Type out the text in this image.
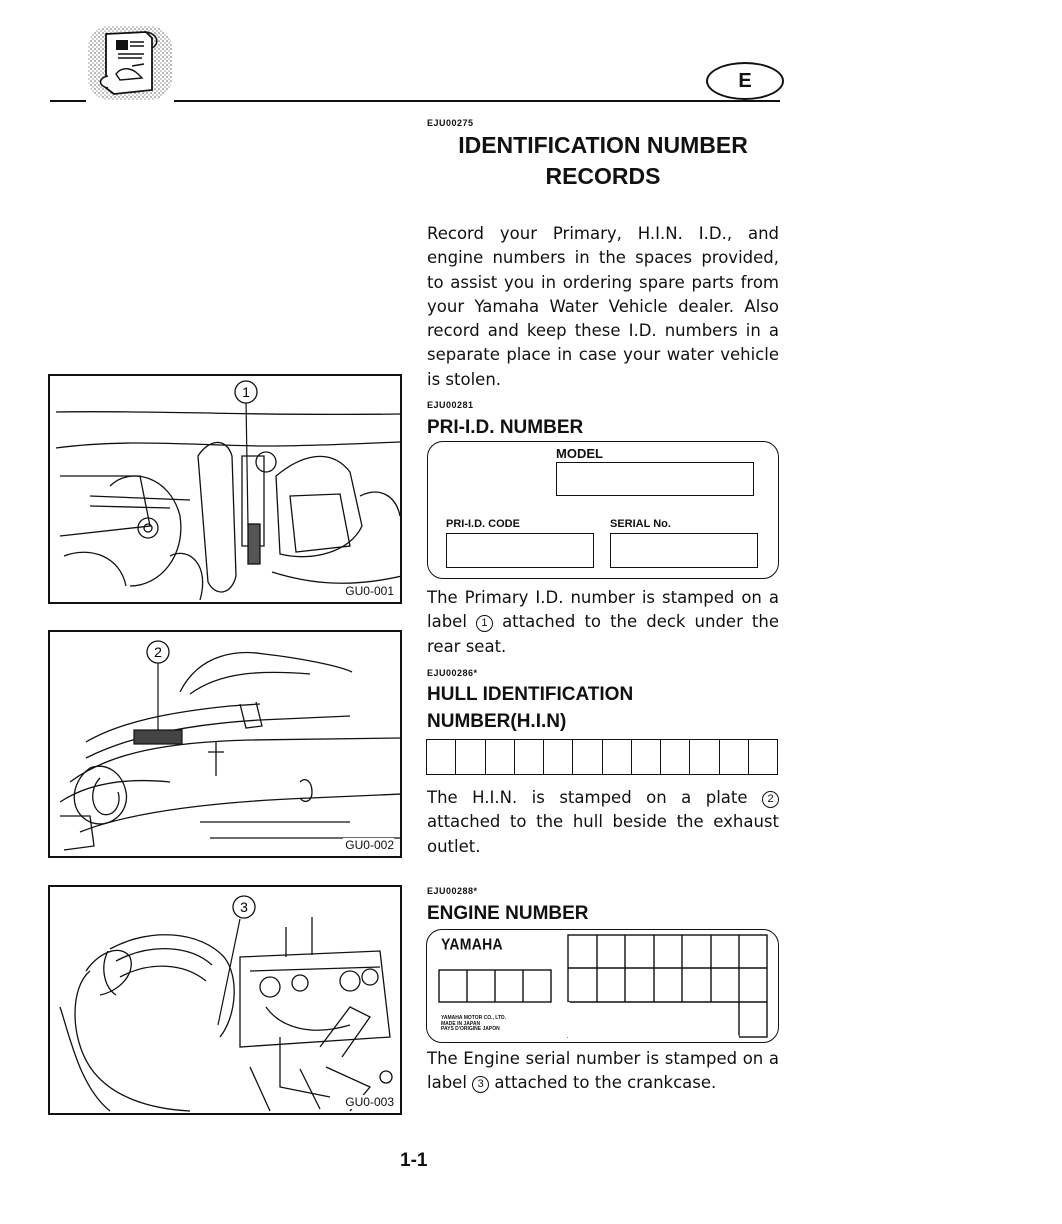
E
EJU00275
IDENTIFICATION NUMBER
RECORDS
Record your Primary, H.I.N. I.D., and engine numbers in the spaces provided, to assist you in ordering spare parts from your Yamaha Water Vehicle dealer. Also record and keep these I.D. numbers in a separate place in case your water vehicle is stolen.
EJU00281
PRI-I.D. NUMBER
MODEL
PRI-I.D. CODE	SERIAL No.
The Primary I.D. number is stamped on a label 1 attached to the deck under the rear seat.
EJU00286*
HULL IDENTIFICATION
NUMBER(H.I.N)
The H.I.N. is stamped on a plate 2 attached to the hull beside the exhaust outlet.
EJU00288*
ENGINE NUMBER
YAMAHA
YAMAHA MOTOR CO., LTD.
MADE IN JAPAN
PAYS D'ORIGINE JAPON
The Engine serial number is stamped on a label 3 attached to the crankcase.
1
GU0-001
2
GU0-002
3
GU0-003
1-1
